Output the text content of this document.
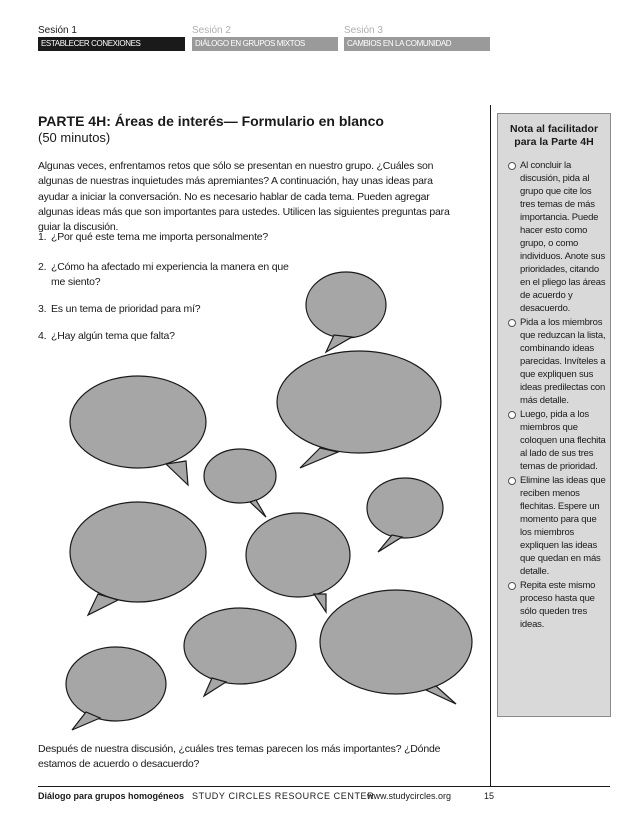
Sesión 1	Sesión 2	Sesión 3
ESTABLECER CONEXIONES	DIÁLOGO EN GRUPOS MIXTOS	CAMBIOS EN LA COMUNIDAD
PARTE 4H: Áreas de interés— Formulario en blanco
(50 minutos)
Algunas veces, enfrentamos retos que sólo se presentan en nuestro grupo. ¿Cuáles son algunas de nuestras inquietudes más apremiantes? A continuación, hay unas ideas para ayudar a iniciar la conversación. No es necesario hablar de cada tema. Pueden agregar algunas ideas más que son importantes para ustedes. Utilicen las siguientes preguntas para guiar la discusión.
1. ¿Por qué este tema me importa personalmente?
2. ¿Cómo ha afectado mi experiencia la manera en que
me siento?
3. Es un tema de prioridad para mí?
4. ¿Hay algún tema que falta?
Nota al facilitador para la Parte 4H
Al concluir la discusión, pida al grupo que cite los tres temas de más importancia. Puede hacer esto como grupo, o como individuos. Anote sus prioridades, citando en el pliego las áreas de acuerdo y desacuerdo.
Pida a los miembros que reduzcan la lista, combinando ideas parecidas. Invíteles a que expliquen sus ideas predilectas con más detalle.
Luego, pida a los miembros que coloquen una flechita al lado de sus tres temas de prioridad.
Elimine las ideas que reciben menos flechitas. Espere un momento para que los miembros expliquen las ideas que quedan en más detalle.
Repita este mismo proceso hasta que sólo queden tres ideas.
Después de nuestra discusión, ¿cuáles tres temas parecen los más importantes? ¿Dónde estamos de acuerdo o desacuerdo?
Diálogo para grupos homogéneos STUDY CIRCLES RESOURCE CENTER
www.studycircles.org	15
